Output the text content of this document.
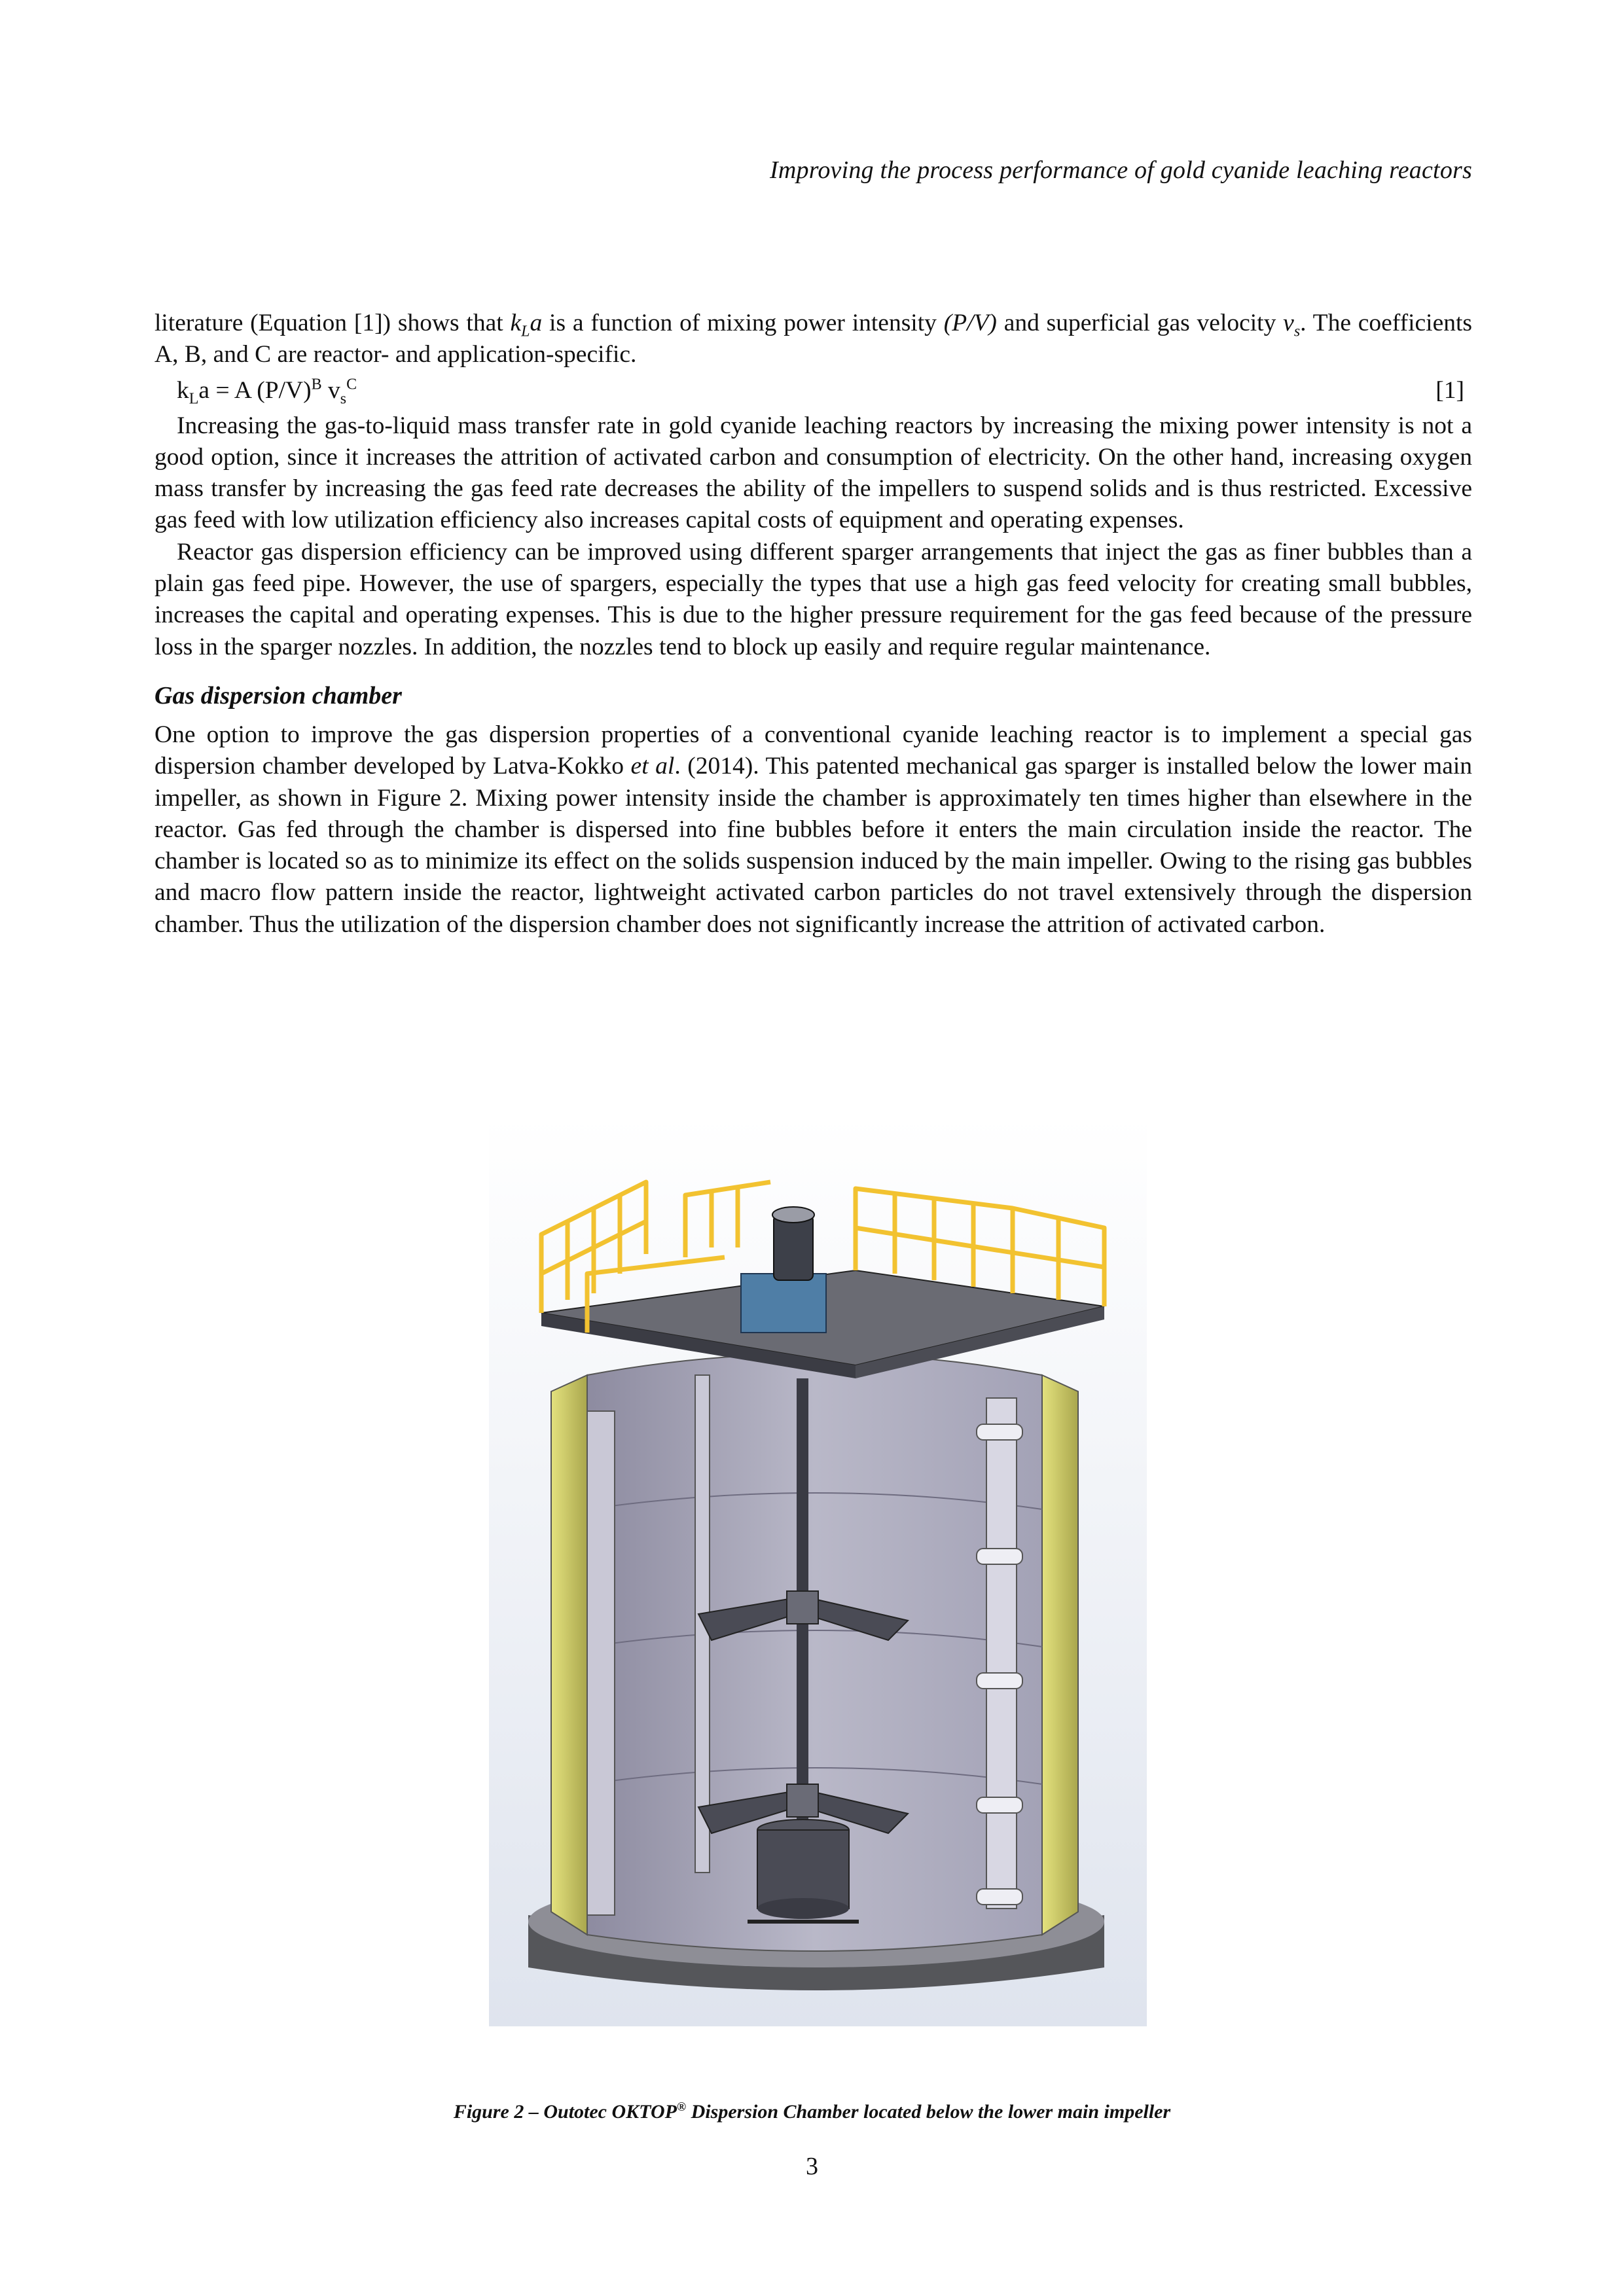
Improving the process performance of gold cyanide leaching reactors

literature (Equation [1]) shows that $k_La$ is a function of mixing power intensity (P/V) and superficial gas velocity $v_s$. The coefficients A, B, and C are reactor- and application-specific.

$k_La = A$ $(P/V)^B$ $v_s^C$	[1]

Increasing the gas-to-liquid mass transfer rate in gold cyanide leaching reactors by increasing the mixing power intensity is not a good option, since it increases the attrition of activated carbon and consumption of electricity. On the other hand, increasing oxygen mass transfer by increasing the gas feed rate decreases the ability of the impellers to suspend solids and is thus restricted. Excessive gas feed with low utilization efficiency also increases capital costs of equipment and operating expenses.

Reactor gas dispersion efficiency can be improved using different sparger arrangements that inject the gas as finer bubbles than a plain gas feed pipe. However, the use of spargers, especially the types that use a high gas feed velocity for creating small bubbles, increases the capital and operating expenses. This is due to the higher pressure requirement for the gas feed because of the pressure loss in the sparger nozzles. In addition, the nozzles tend to block up easily and require regular maintenance.

Gas dispersion chamber

One option to improve the gas dispersion properties of a conventional cyanide leaching reactor is to implement a special gas dispersion chamber developed by Latva-Kokko et al. (2014). This patented mechanical gas sparger is installed below the lower main impeller, as shown in Figure 2. Mixing power intensity inside the chamber is approximately ten times higher than elsewhere in the reactor. Gas fed through the chamber is dispersed into fine bubbles before it enters the main circulation inside the reactor. The chamber is located so as to minimize its effect on the solids suspension induced by the main impeller. Owing to the rising gas bubbles and macro flow pattern inside the reactor, lightweight activated carbon particles do not travel extensively through the dispersion chamber. Thus the utilization of the dispersion chamber does not significantly increase the attrition of activated carbon.

Figure 2 – Outotec OKTOP® Dispersion Chamber located below the lower main impeller
3
